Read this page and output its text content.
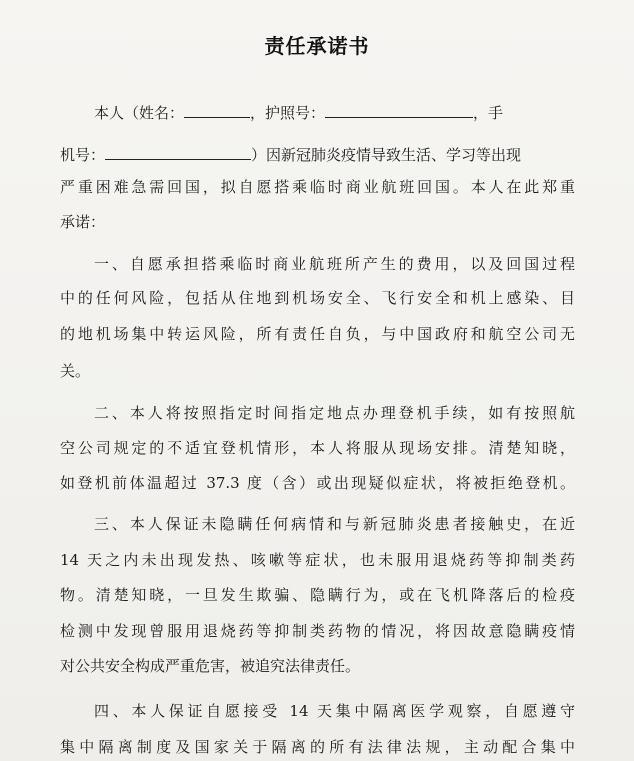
责任承诺书
本人（姓名：	，护照号：	，手
机号：	）因新冠肺炎疫情导致生活、学习等出现
严重困难急需回国，拟自愿搭乘临时商业航班回国。本人在此郑重
承诺：
一、自愿承担搭乘临时商业航班所产生的费用，以及回国过程
中的任何风险，包括从住地到机场安全、飞行安全和机上感染、目
的地机场集中转运风险，所有责任自负，与中国政府和航空公司无
关。
二、本人将按照指定时间指定地点办理登机手续，如有按照航
空公司规定的不适宜登机情形，本人将服从现场安排。清楚知晓，
如登机前体温超过 37.3 度（含）或出现疑似症状，将被拒绝登机。
三、本人保证未隐瞒任何病情和与新冠肺炎患者接触史，在近
14 天之内未出现发热、咳嗽等症状，也未服用退烧药等抑制类药
物。清楚知晓，一旦发生欺骗、隐瞒行为，或在飞机降落后的检疫
检测中发现曾服用退烧药等抑制类药物的情况，将因故意隐瞒疫情
对公共安全构成严重危害，被追究法律责任。
四、本人保证自愿接受 14 天集中隔离医学观察，自愿遵守
集中隔离制度及国家关于隔离的所有法律法规，主动配合集中
